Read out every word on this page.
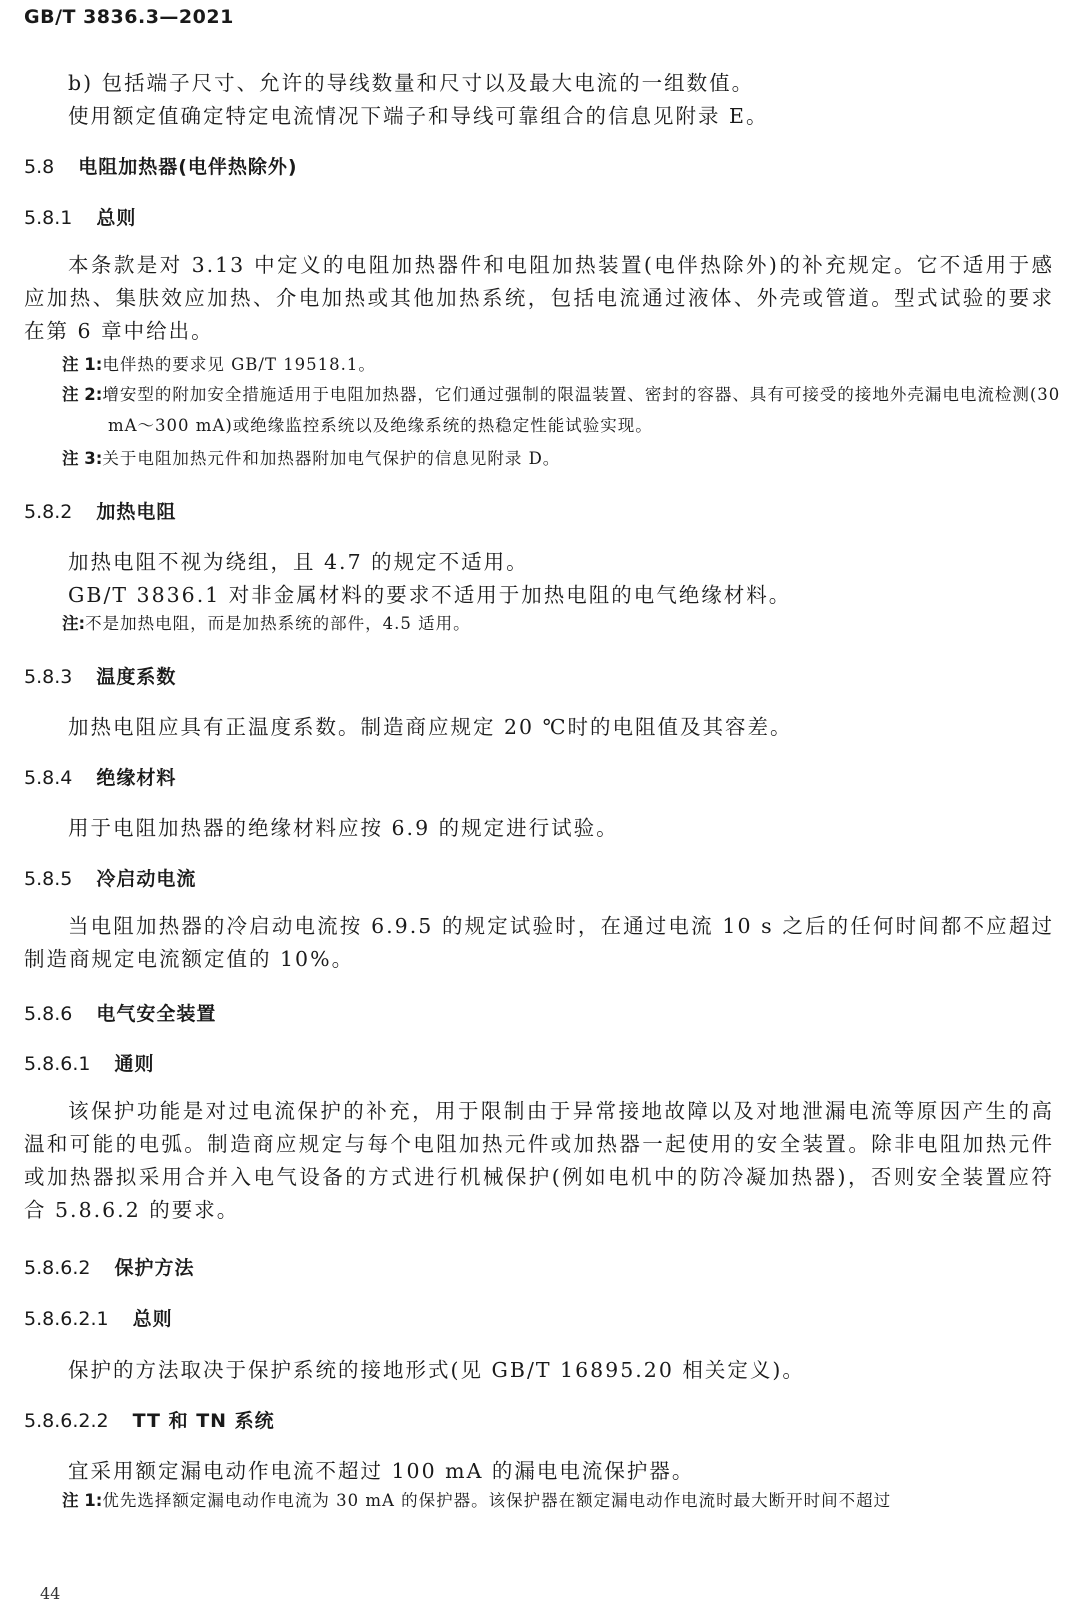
GB/T 3836.3—2021
b) 包括端子尺寸、允许的导线数量和尺寸以及最大电流的一组数值。
使用额定值确定特定电流情况下端子和导线可靠组合的信息见附录 E。
5.8 电阻加热器(电伴热除外)
5.8.1 总则
本条款是对 3.13 中定义的电阻加热器件和电阻加热装置(电伴热除外)的补充规定。它不适用于感应加热、集肤效应加热、介电加热或其他加热系统，包括电流通过液体、外壳或管道。型式试验的要求在第 6 章中给出。
注 1:电伴热的要求见 GB/T 19518.1。
注 2:增安型的附加安全措施适用于电阻加热器，它们通过强制的限温装置、密封的容器、具有可接受的接地外壳漏电电流检测(30 mA～300 mA)或绝缘监控系统以及绝缘系统的热稳定性能试验实现。
注 3:关于电阻加热元件和加热器附加电气保护的信息见附录 D。
5.8.2 加热电阻
加热电阻不视为绕组，且 4.7 的规定不适用。
GB/T 3836.1 对非金属材料的要求不适用于加热电阻的电气绝缘材料。
注:不是加热电阻，而是加热系统的部件，4.5 适用。
5.8.3 温度系数
加热电阻应具有正温度系数。制造商应规定 20 ℃时的电阻值及其容差。
5.8.4 绝缘材料
用于电阻加热器的绝缘材料应按 6.9 的规定进行试验。
5.8.5 冷启动电流
当电阻加热器的冷启动电流按 6.9.5 的规定试验时，在通过电流 10 s 之后的任何时间都不应超过制造商规定电流额定值的 10%。
5.8.6 电气安全装置
5.8.6.1 通则
该保护功能是对过电流保护的补充，用于限制由于异常接地故障以及对地泄漏电流等原因产生的高温和可能的电弧。制造商应规定与每个电阻加热元件或加热器一起使用的安全装置。除非电阻加热元件或加热器拟采用合并入电气设备的方式进行机械保护(例如电机中的防冷凝加热器)，否则安全装置应符合 5.8.6.2 的要求。
5.8.6.2 保护方法
5.8.6.2.1 总则
保护的方法取决于保护系统的接地形式(见 GB/T 16895.20 相关定义)。
5.8.6.2.2 TT 和 TN 系统
宜采用额定漏电动作电流不超过 100 mA 的漏电电流保护器。
注 1:优先选择额定漏电动作电流为 30 mA 的保护器。该保护器在额定漏电动作电流时最大断开时间不超过
44
